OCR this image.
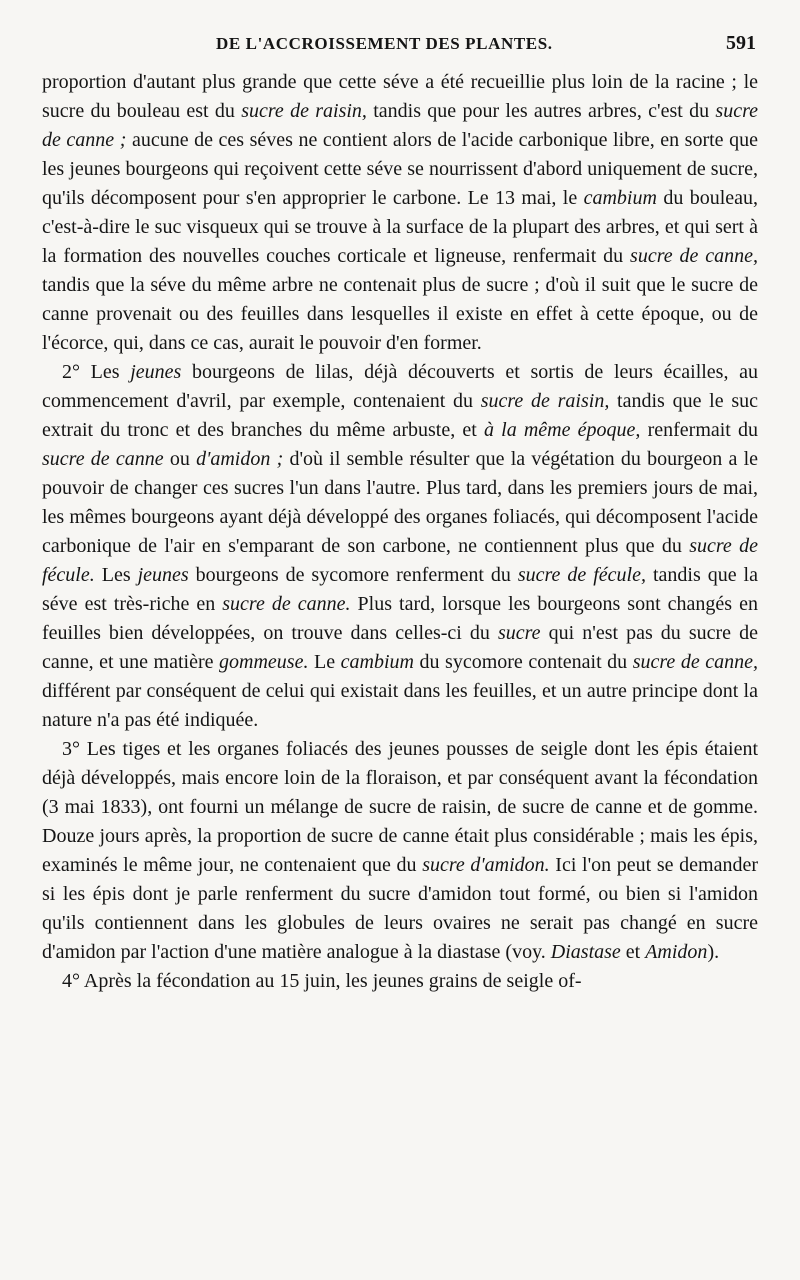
DE L'ACCROISSEMENT DES PLANTES.	591

proportion d'autant plus grande que cette séve a été recueillie plus loin de la racine ; le sucre du bouleau est du sucre de raisin, tandis que pour les autres arbres, c'est du sucre de canne ; aucune de ces séves ne contient alors de l'acide carbonique libre, en sorte que les jeunes bourgeons qui reçoivent cette séve se nourrissent d'abord uniquement de sucre, qu'ils décomposent pour s'en approprier le carbone. Le 13 mai, le cambium du bouleau, c'est-à-dire le suc visqueux qui se trouve à la surface de la plupart des arbres, et qui sert à la formation des nouvelles couches corticale et ligneuse, renfermait du sucre de canne, tandis que la séve du même arbre ne contenait plus de sucre ; d'où il suit que le sucre de canne provenait ou des feuilles dans lesquelles il existe en effet à cette époque, ou de l'écorce, qui, dans ce cas, aurait le pouvoir d'en former.

2° Les jeunes bourgeons de lilas, déjà découverts et sortis de leurs écailles, au commencement d'avril, par exemple, contenaient du sucre de raisin, tandis que le suc extrait du tronc et des branches du même arbuste, et à la même époque, renfermait du sucre de canne ou d'amidon ; d'où il semble résulter que la végétation du bourgeon a le pouvoir de changer ces sucres l'un dans l'autre. Plus tard, dans les premiers jours de mai, les mêmes bourgeons ayant déjà développé des organes foliacés, qui décomposent l'acide carbonique de l'air en s'emparant de son carbone, ne contiennent plus que du sucre de fécule. Les jeunes bourgeons de sycomore renferment du sucre de fécule, tandis que la séve est très-riche en sucre de canne. Plus tard, lorsque les bourgeons sont changés en feuilles bien développées, on trouve dans celles-ci du sucre qui n'est pas du sucre de canne, et une matière gommeuse. Le cambium du sycomore contenait du sucre de canne, différent par conséquent de celui qui existait dans les feuilles, et un autre principe dont la nature n'a pas été indiquée.

3° Les tiges et les organes foliacés des jeunes pousses de seigle dont les épis étaient déjà développés, mais encore loin de la floraison, et par conséquent avant la fécondation (3 mai 1833), ont fourni un mélange de sucre de raisin, de sucre de canne et de gomme. Douze jours après, la proportion de sucre de canne était plus considérable ; mais les épis, examinés le même jour, ne contenaient que du sucre d'amidon. Ici l'on peut se demander si les épis dont je parle renferment du sucre d'amidon tout formé, ou bien si l'amidon qu'ils contiennent dans les globules de leurs ovaires ne serait pas changé en sucre d'amidon par l'action d'une matière analogue à la diastase (voy. Diastase et Amidon).

4° Après la fécondation au 15 juin, les jeunes grains de seigle of-
